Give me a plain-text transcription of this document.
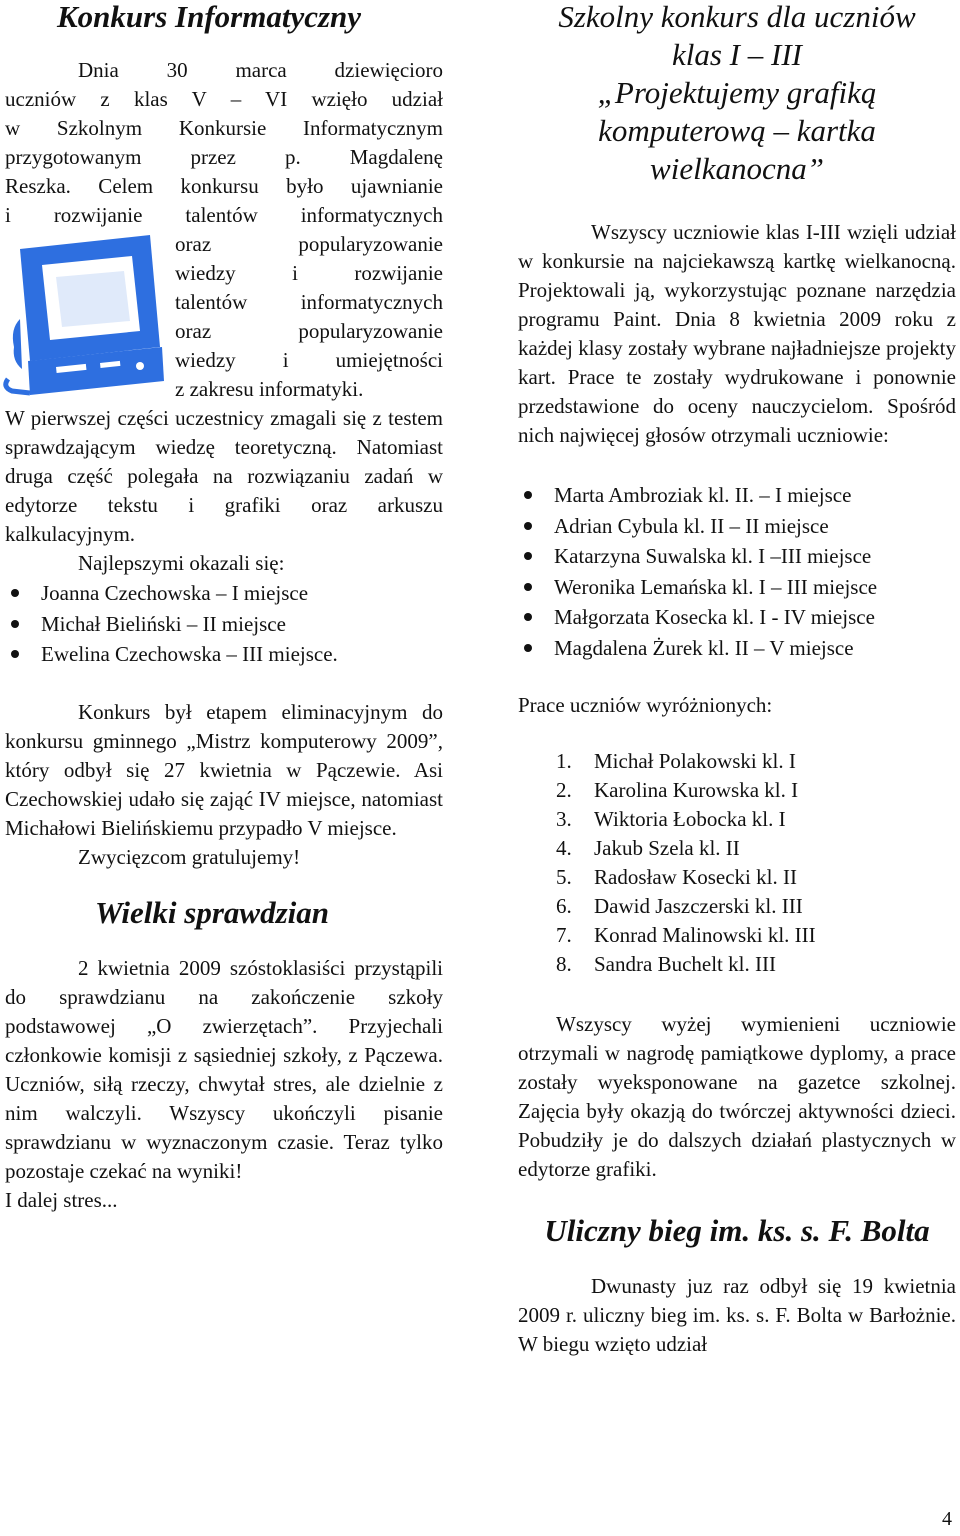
Konkurs Informatyczny

Dnia 30 marca dziewięcioro

uczniów z klas V – VI wzięło udział

w Szkolnym Konkursie Informatycznym

przygotowanym przez p. Magdalenę

Reszka. Celem konkursu było ujawnianie

i rozwijanie talentów informatycznych

oraz popularyzowanie

wiedzy i rozwijanie

talentów informatycznych

oraz popularyzowanie

wiedzy i umiejętności

z zakresu informatyki.

W pierwszej części uczestnicy zmagali się z testem sprawdzającym wiedzę teoretyczną. Natomiast druga część polegała na rozwiązaniu zadań w edytorze tekstu i grafiki oraz arkuszu kalkulacyjnym.

Najlepszymi okazali się:

Joanna Czechowska – I miejsce
Michał Bieliński – II miejsce
Ewelina Czechowska – III miejsce.

Konkurs był etapem eliminacyjnym do konkursu gminnego „Mistrz komputerowy 2009”, który odbył się 27 kwietnia w Pączewie. Asi Czechowskiej udało się zająć IV miejsce, natomiast Michałowi Bielińskiemu przypadło V miejsce.

Zwycięzcom gratulujemy!

Wielki sprawdzian

2 kwietnia 2009 szóstoklasiści przystąpili do sprawdzianu na zakończenie szkoły podstawowej „O zwierzętach”. Przyjechali członkowie komisji z sąsiedniej szkoły, z Pączewa. Uczniów, siłą rzeczy, chwytał stres, ale dzielnie z nim walczyli. Wszyscy ukończyli pisanie sprawdzianu w wyznaczonym czasie. Teraz tylko pozostaje czekać na wyniki!

I dalej stres...

Szkolny konkurs dla uczniów
klas I – III
„Projektujemy grafiką
komputerową – kartka
wielkanocna”

Wszyscy uczniowie klas I-III wzięli udział w konkursie na najciekawszą kartkę wielkanocną. Projektowali ją, wykorzystując poznane narzędzia programu Paint. Dnia 8 kwietnia 2009 roku z każdej klasy zostały wybrane najładniejsze projekty kart. Prace te zostały wydrukowane i ponownie przedstawione do oceny nauczycielom. Spośród nich najwięcej głosów otrzymali uczniowie:

Marta Ambroziak kl. II. – I miejsce
Adrian Cybula kl. II – II miejsce
Katarzyna Suwalska kl. I –III miejsce
Weronika Lemańska kl. I – III miejsce
Małgorzata Kosecka kl. I - IV miejsce
Magdalena Żurek kl. II – V miejsce

Prace uczniów wyróżnionych:

1. Michał Polakowski kl. I
2. Karolina Kurowska kl. I
3. Wiktoria Łobocka kl. I
4. Jakub Szela kl. II
5. Radosław Kosecki kl. II
6. Dawid Jaszczerski kl. III
7. Konrad Malinowski kl. III
8. Sandra Buchelt kl. III

Wszyscy wyżej wymienieni uczniowie otrzymali w nagrodę pamiątkowe dyplomy, a prace zostały wyeksponowane na gazetce szkolnej. Zajęcia były okazją do twórczej aktywności dzieci. Pobudziły je do dalszych działań plastycznych w edytorze grafiki.

Uliczny bieg im. ks. s. F. Bolta

Dwunasty juz raz odbył się 19 kwietnia 2009 r. uliczny bieg im. ks. s. F. Bolta w Barłożnie. W biegu wzięto udział

4
